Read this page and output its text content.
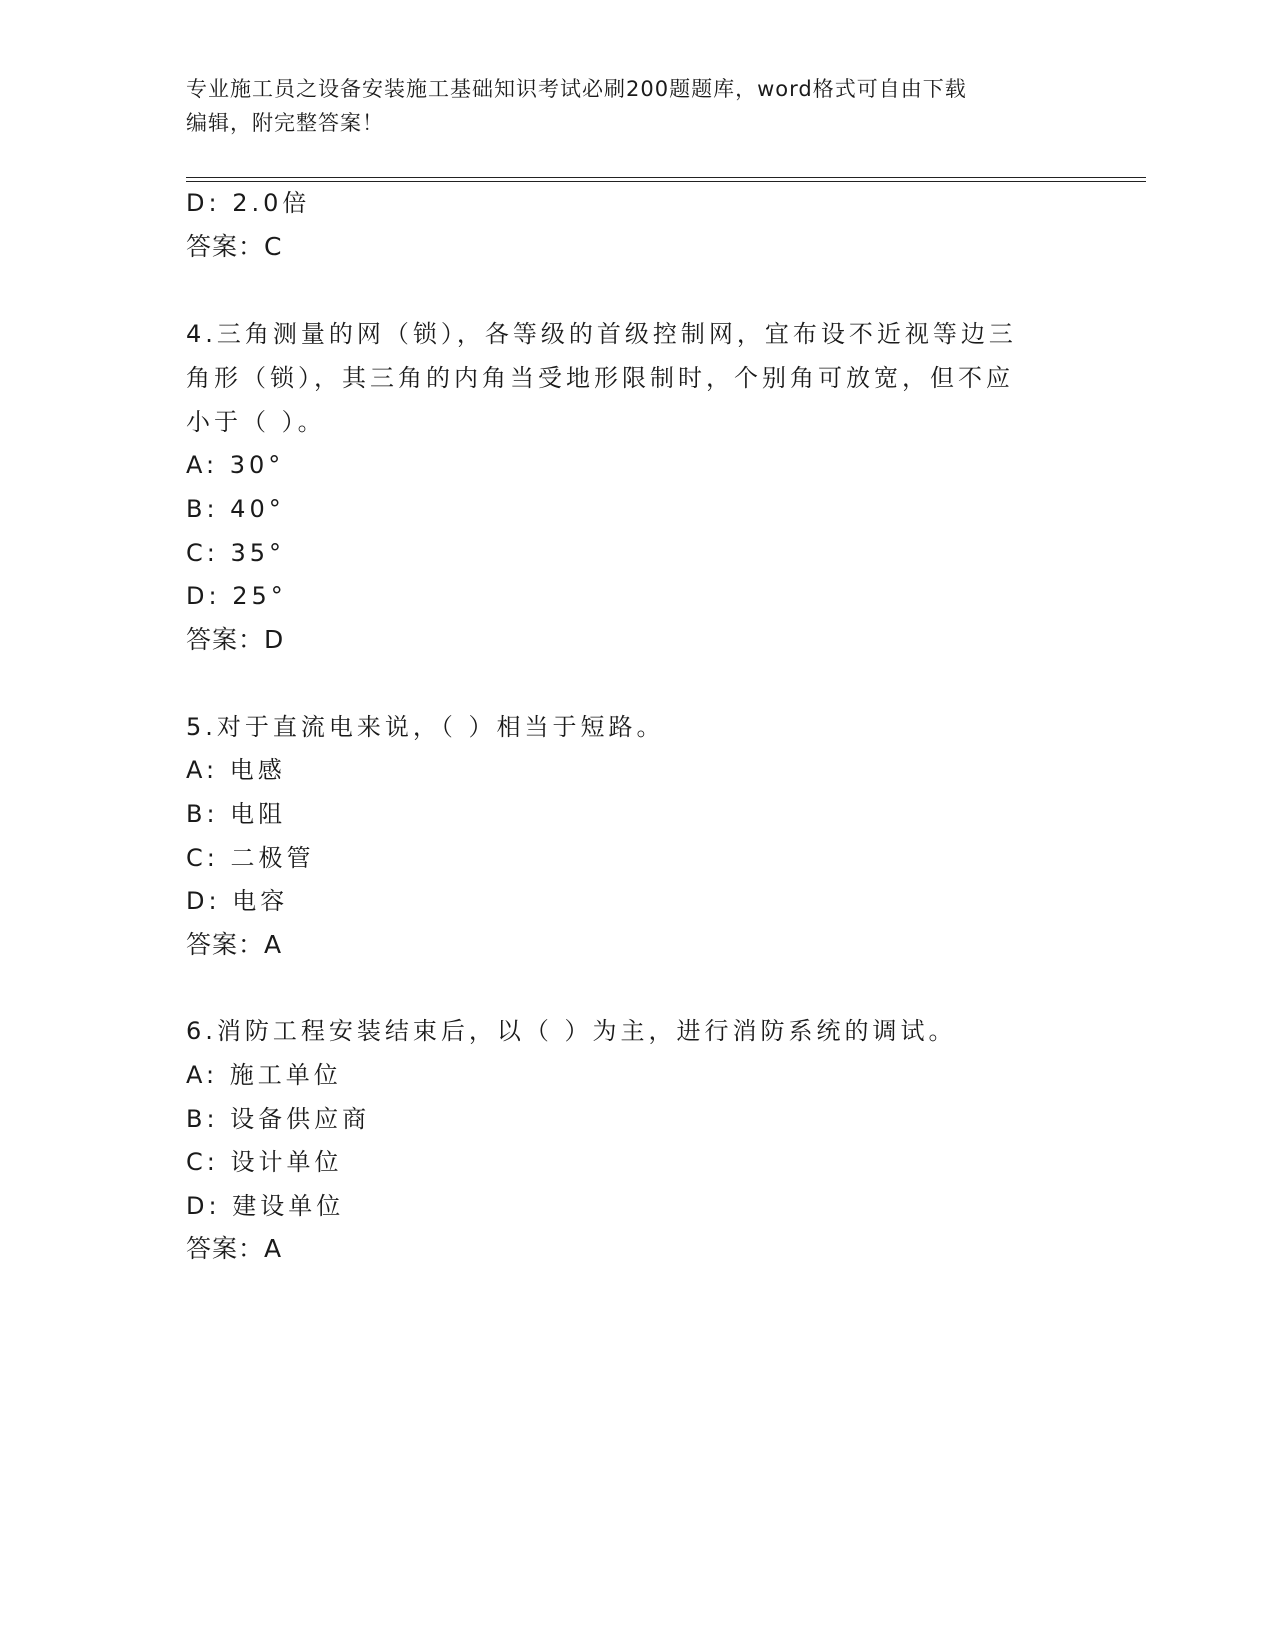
专业施工员之设备安装施工基础知识考试必刷200题题库，word格式可自由下载
编辑，附完整答案！
D: 2.0倍
答案：C
4.三角测量的网（锁），各等级的首级控制网，宜布设不近视等边三
角形（锁），其三角的内角当受地形限制时，个别角可放宽，但不应
小于（ ）。
A: 30°
B: 40°
C: 35°
D: 25°
答案：D
5.对于直流电来说，（ ）相当于短路。
A: 电感
B: 电阻
C: 二极管
D: 电容
答案：A
6.消防工程安装结束后，以（ ）为主，进行消防系统的调试。
A: 施工单位
B: 设备供应商
C: 设计单位
D: 建设单位
答案：A
